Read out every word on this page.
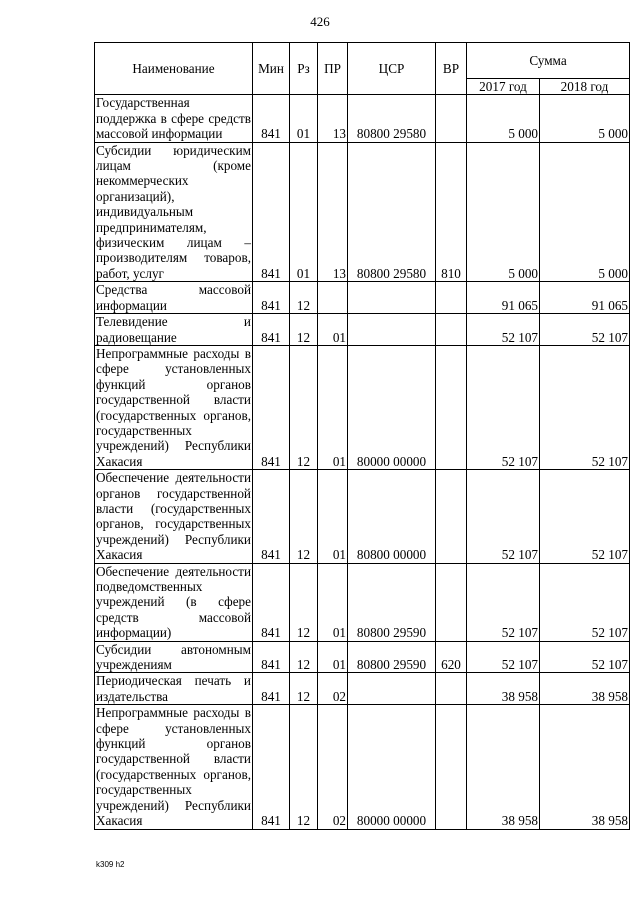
426
Наименование	Мин	Рз	ПР	ЦСР	ВР	Сумма	
						2017 год	2018 год
Государственная поддержка в сфере средств массовой информации	841	01	13	80800 29580		5 000	5 000
Субсидии юридическим лицам (кроме некоммерческих организаций), индивидуальным предпринимателям, физическим лицам – производителям товаров, работ, услуг	841	01	13	80800 29580	810	5 000	5 000
Средства массовой информации	841	12				91 065	91 065
Телевидение и радиовещание	841	12	01			52 107	52 107
Непрограммные расходы в сфере установленных функций органов государственной власти (государственных органов, государственных учреждений) Республики Хакасия	841	12	01	80000 00000		52 107	52 107
Обеспечение деятельности органов государственной власти (государственных органов, государственных учреждений) Республики Хакасия	841	12	01	80800 00000		52 107	52 107
Обеспечение деятельности подведомственных учреждений (в сфере средств массовой информации)	841	12	01	80800 29590		52 107	52 107
Субсидии автономным учреждениям	841	12	01	80800 29590	620	52 107	52 107
Периодическая печать и издательства	841	12	02			38 958	38 958
Непрограммные расходы в сфере установленных функций органов государственной власти (государственных органов, государственных учреждений) Республики Хакасия	841	12	02	80000 00000		38 958	38 958
k309 h2
